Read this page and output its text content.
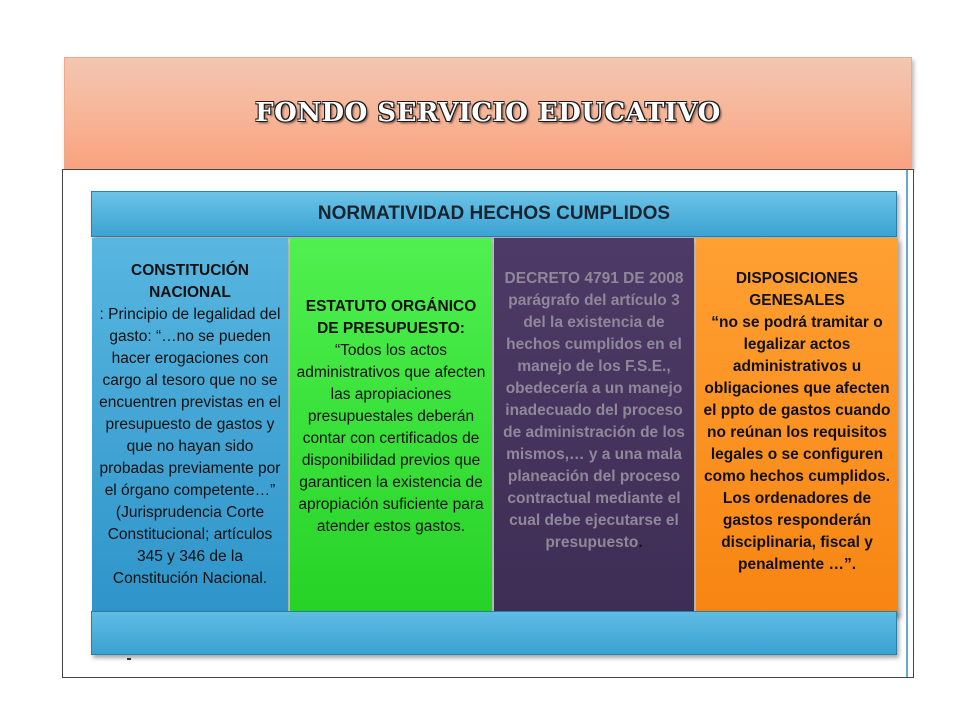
FONDO SERVICIO EDUCATIVO
NORMATIVIDAD HECHOS CUMPLIDOS
CONSTITUCIÓN NACIONAL
: Principio de legalidad del gasto: “…no se pueden hacer erogaciones con cargo al tesoro que no se encuentren previstas en el presupuesto de gastos y que no hayan sido probadas previamente por el órgano competente…” (Jurisprudencia Corte Constitucional; artículos 345 y 346 de la Constitución Nacional.
ESTATUTO ORGÁNICO DE PRESUPUESTO:
“Todos los actos administrativos que afecten las apropiaciones presupuestales deberán contar con certificados de disponibilidad previos que garanticen la existencia de apropiación suficiente para atender estos gastos.
DECRETO 4791 DE 2008
parágrafo del artículo 3 del la existencia de hechos cumplidos en el manejo de los F.S.E., obedecería a un manejo inadecuado del proceso de administración de los mismos,… y a una mala planeación del proceso contractual mediante el cual debe ejecutarse el presupuesto.
DISPOSICIONES GENESALES
“no se podrá tramitar o legalizar actos administrativos u obligaciones que afecten el ppto de gastos cuando no reúnan los requisitos legales o se configuren como hechos cumplidos. Los ordenadores de gastos responderán disciplinaria, fiscal y penalmente …”.
